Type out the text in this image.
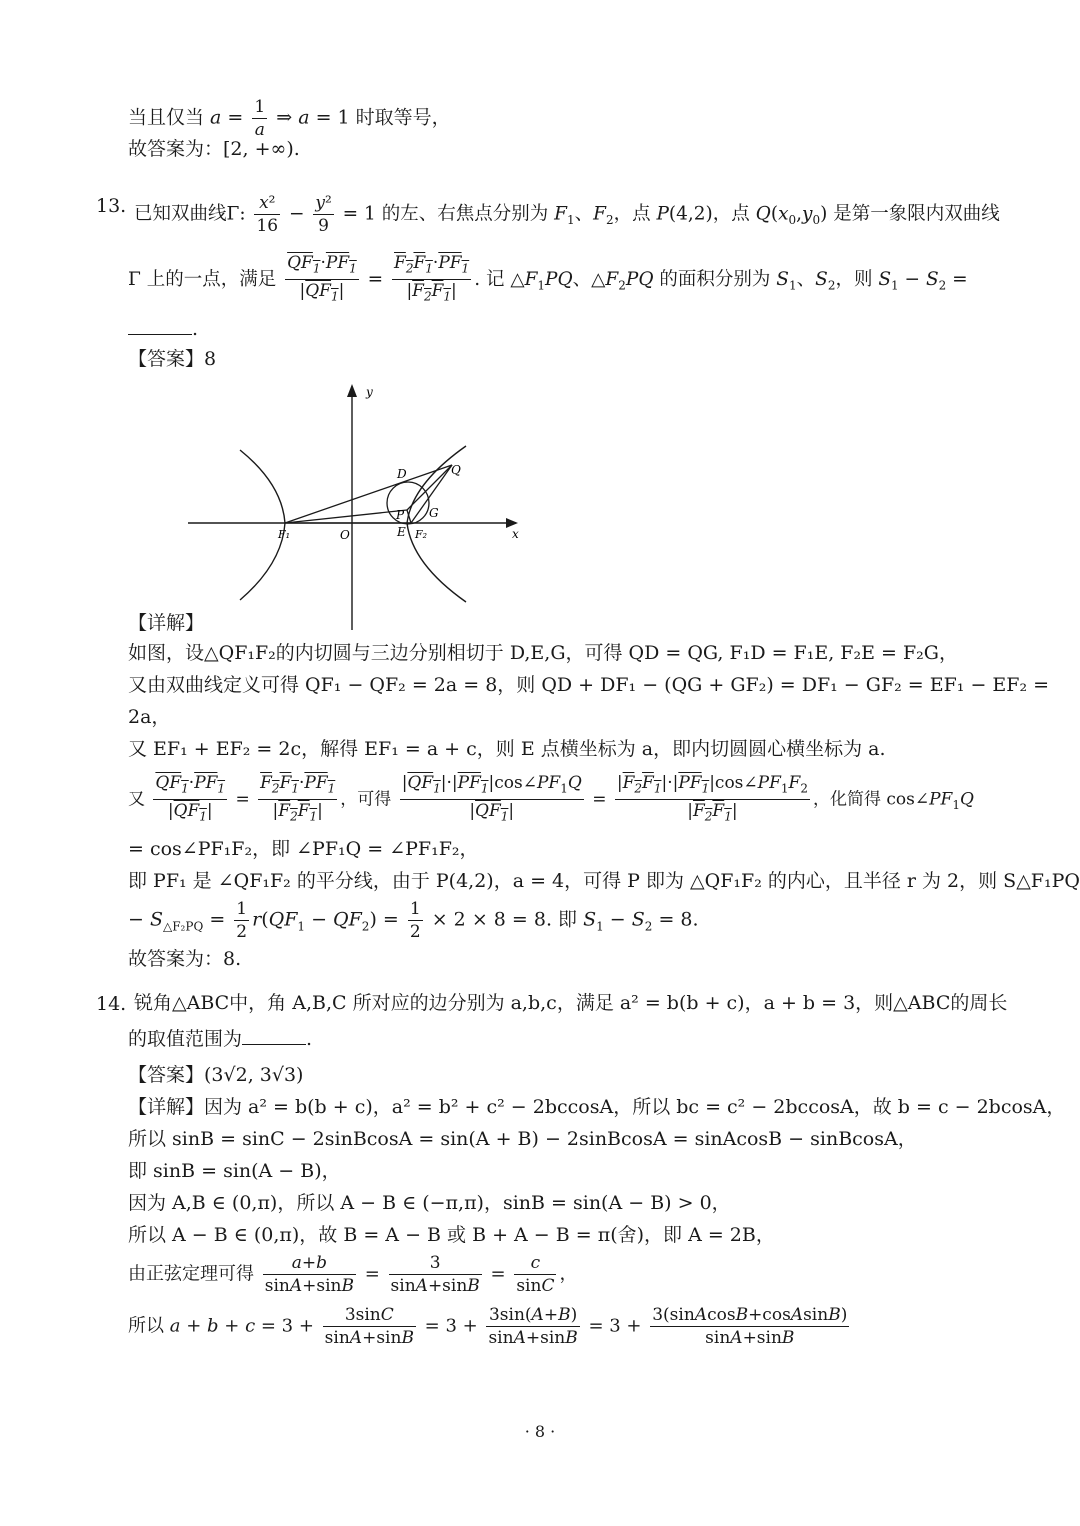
当且仅当 $a = \frac{1}{a}$ ⇒ a = 1 时取等号，
故答案为：[2, +∞).
13. 已知双曲线Γ: $\frac{\text{x²}}{16} - \frac{\text{y²}}{9} = 1$ 的左、右焦点分别为 $F_1$、$F_2$，点 P(4,2)，点 $Q(x_0,y_0)$ 是第一象限内双曲线
Γ 上的一点，满足 $\frac{QF_1\cdot PF_1}{|QF_1|} = \frac{F_2F_1\cdot PF_1}{|F_2F_1|}$ . 记 $\triangle F_1PQ$、$\triangle F_2PQ$ 的面积分别为 $S_1$、$S_2$，则 $S_1 - S_2$ =
.
【答案】8
y
x
O
F₁	F₂
E
P
D	Q
G
【详解】
如图，设△QF₁F₂的内切圆与三边分别相切于 D,E,G，可得 QD = QG, F₁D = F₁E, F₂E = F₂G，
又由双曲线定义可得 QF₁ − QF₂ = 2a = 8，则 QD + DF₁ − (QG + GF₂) = DF₁ − GF₂ = EF₁ − EF₂ =
2a，
又 EF₁ + EF₂ = 2c，解得 EF₁ = a + c，则 E 点横坐标为 a，即内切圆圆心横坐标为 a.
又 $\frac{QF_1\cdot PF_1}{|QF_1|} = \frac{F_2F_1\cdot PF_1}{|F_2F_1|}$ ，可得 $\frac{|QF_1|\cdot|PF_1|\cos\angle PF_1Q}{|QF_1|} = \frac{|F_2F_1|\cdot|PF_1|\cos\angle PF_1F_2}{|F_2F_1|}$ ，化简得 $\cos\angle PF_1Q$
= cos∠PF₁F₂，即 ∠PF₁Q = ∠PF₁F₂，
即 PF₁ 是 ∠QF₁F₂ 的平分线，由于 P(4,2)，a = 4，可得 P 即为 △QF₁F₂ 的内心，且半径 r 为 2，则 S△F₁PQ
− $S_{\triangle F_2PQ} = \frac{1}{2} r(QF_1 - QF_2) = \frac{1}{2} \times 2 \times 8 = 8$. 即 $S_1 - S_2 = 8$.
故答案为：8.
14. 锐角△ABC中，角 A,B,C 所对应的边分别为 a,b,c，满足 a² = b(b + c)，a + b = 3，则△ABC的周长
的取值范围为	.
【答案】(3√2, 3√3)
【详解】因为 a² = b(b + c)，a² = b² + c² − 2bccosA，所以 bc = c² − 2bccosA，故 b = c − 2bcosA，
所以 sinB = sinC − 2sinBcosA = sin(A + B) − 2sinBcosA = sinAcosB − sinBcosA，
即 sinB = sin(A − B)，
因为 A,B ∈ (0,π)，所以 A − B ∈ (−π,π)，sinB = sin(A − B) > 0，
所以 A − B ∈ (0,π)，故 B = A − B 或 B + A − B = π(舍)，即 A = 2B，
由正弦定理可得 $\frac{a+b}{\sin A+\sin B} = \frac{3}{\sin A+\sin B} = \frac{c}{\sin C}$ ，
所以 $a + b + c = 3 + \frac{3\sin C}{\sin A+\sin B} = 3 + \frac{3\sin(A+B)}{\sin A+\sin B} = 3 + \frac{\text{3(sinAcosB+cosAsinB)}}{\sin A+\sin B}$
· 8 ·
